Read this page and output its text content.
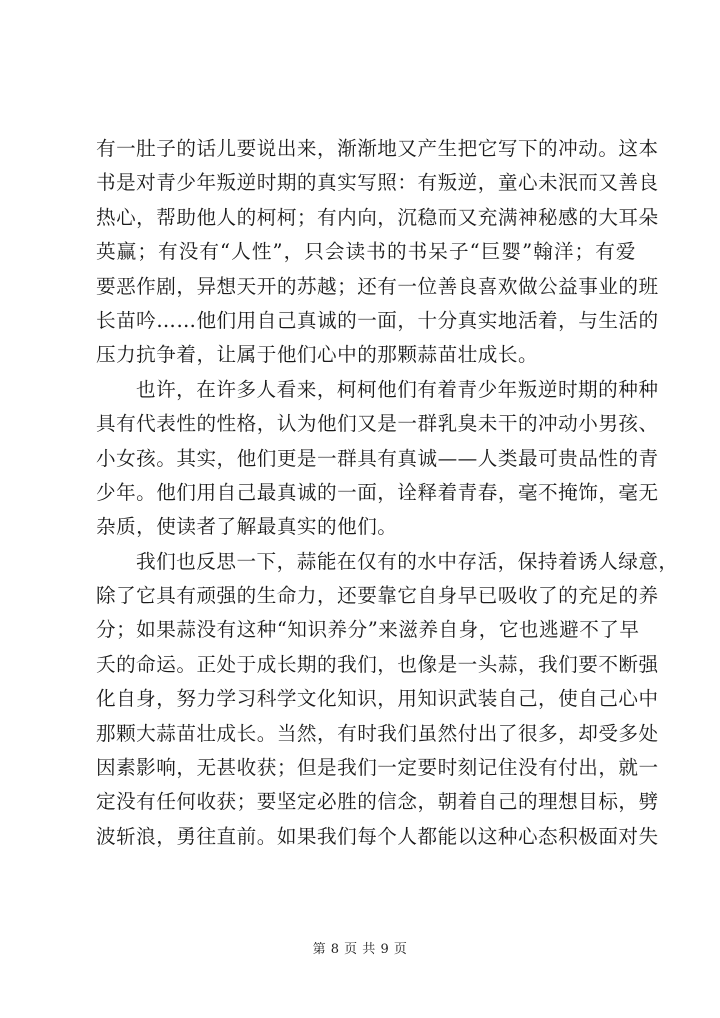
有一肚子的话儿要说出来，渐渐地又产生把它写下的冲动。这本
书是对青少年叛逆时期的真实写照：有叛逆，童心未泯而又善良
热心，帮助他人的柯柯；有内向，沉稳而又充满神秘感的大耳朵
英赢；有没有“人性”，只会读书的书呆子“巨婴”翰洋；有爱
要恶作剧，异想天开的苏越；还有一位善良喜欢做公益事业的班
长苗吟……他们用自己真诚的一面，十分真实地活着，与生活的
压力抗争着，让属于他们心中的那颗蒜苗壮成长。
也许，在许多人看来，柯柯他们有着青少年叛逆时期的种种
具有代表性的性格，认为他们又是一群乳臭未干的冲动小男孩、
小女孩。其实，他们更是一群具有真诚——人类最可贵品性的青
少年。他们用自己最真诚的一面，诠释着青春，毫不掩饰，毫无
杂质，使读者了解最真实的他们。
我们也反思一下，蒜能在仅有的水中存活，保持着诱人绿意，
除了它具有顽强的生命力，还要靠它自身早已吸收了的充足的养
分；如果蒜没有这种“知识养分”来滋养自身，它也逃避不了早
夭的命运。正处于成长期的我们，也像是一头蒜，我们要不断强
化自身，努力学习科学文化知识，用知识武装自己，使自己心中
那颗大蒜苗壮成长。当然，有时我们虽然付出了很多，却受多处
因素影响，无甚收获；但是我们一定要时刻记住没有付出，就一
定没有任何收获；要坚定必胜的信念，朝着自己的理想目标，劈
波斩浪，勇往直前。如果我们每个人都能以这种心态积极面对失
第 8 页 共 9 页
